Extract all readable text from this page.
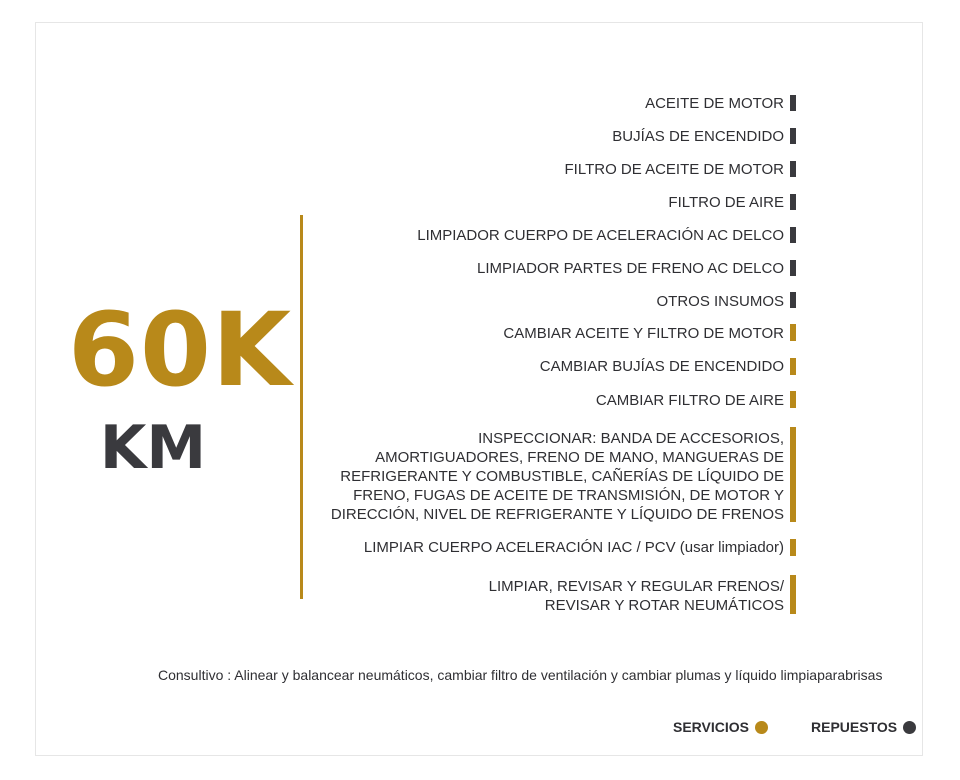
60K
KM
ACEITE DE MOTOR
BUJÍAS DE ENCENDIDO
FILTRO DE ACEITE DE MOTOR
FILTRO DE AIRE
LIMPIADOR CUERPO DE ACELERACIÓN AC DELCO
LIMPIADOR PARTES DE FRENO AC DELCO
OTROS INSUMOS
CAMBIAR ACEITE Y FILTRO DE MOTOR
CAMBIAR BUJÍAS DE ENCENDIDO
CAMBIAR FILTRO DE AIRE
INSPECCIONAR: BANDA DE ACCESORIOS,
AMORTIGUADORES, FRENO DE MANO, MANGUERAS DE
REFRIGERANTE Y COMBUSTIBLE, CAÑERÍAS DE LÍQUIDO DE
FRENO, FUGAS DE ACEITE DE TRANSMISIÓN, DE MOTOR Y
DIRECCIÓN, NIVEL DE REFRIGERANTE Y LÍQUIDO DE FRENOS
LIMPIAR CUERPO ACELERACIÓN IAC / PCV (usar limpiador)
LIMPIAR, REVISAR Y REGULAR FRENOS/
REVISAR Y ROTAR NEUMÁTICOS
Consultivo : Alinear y balancear neumáticos, cambiar filtro de ventilación y cambiar plumas y líquido limpiaparabrisas
SERVICIOS	REPUESTOS
